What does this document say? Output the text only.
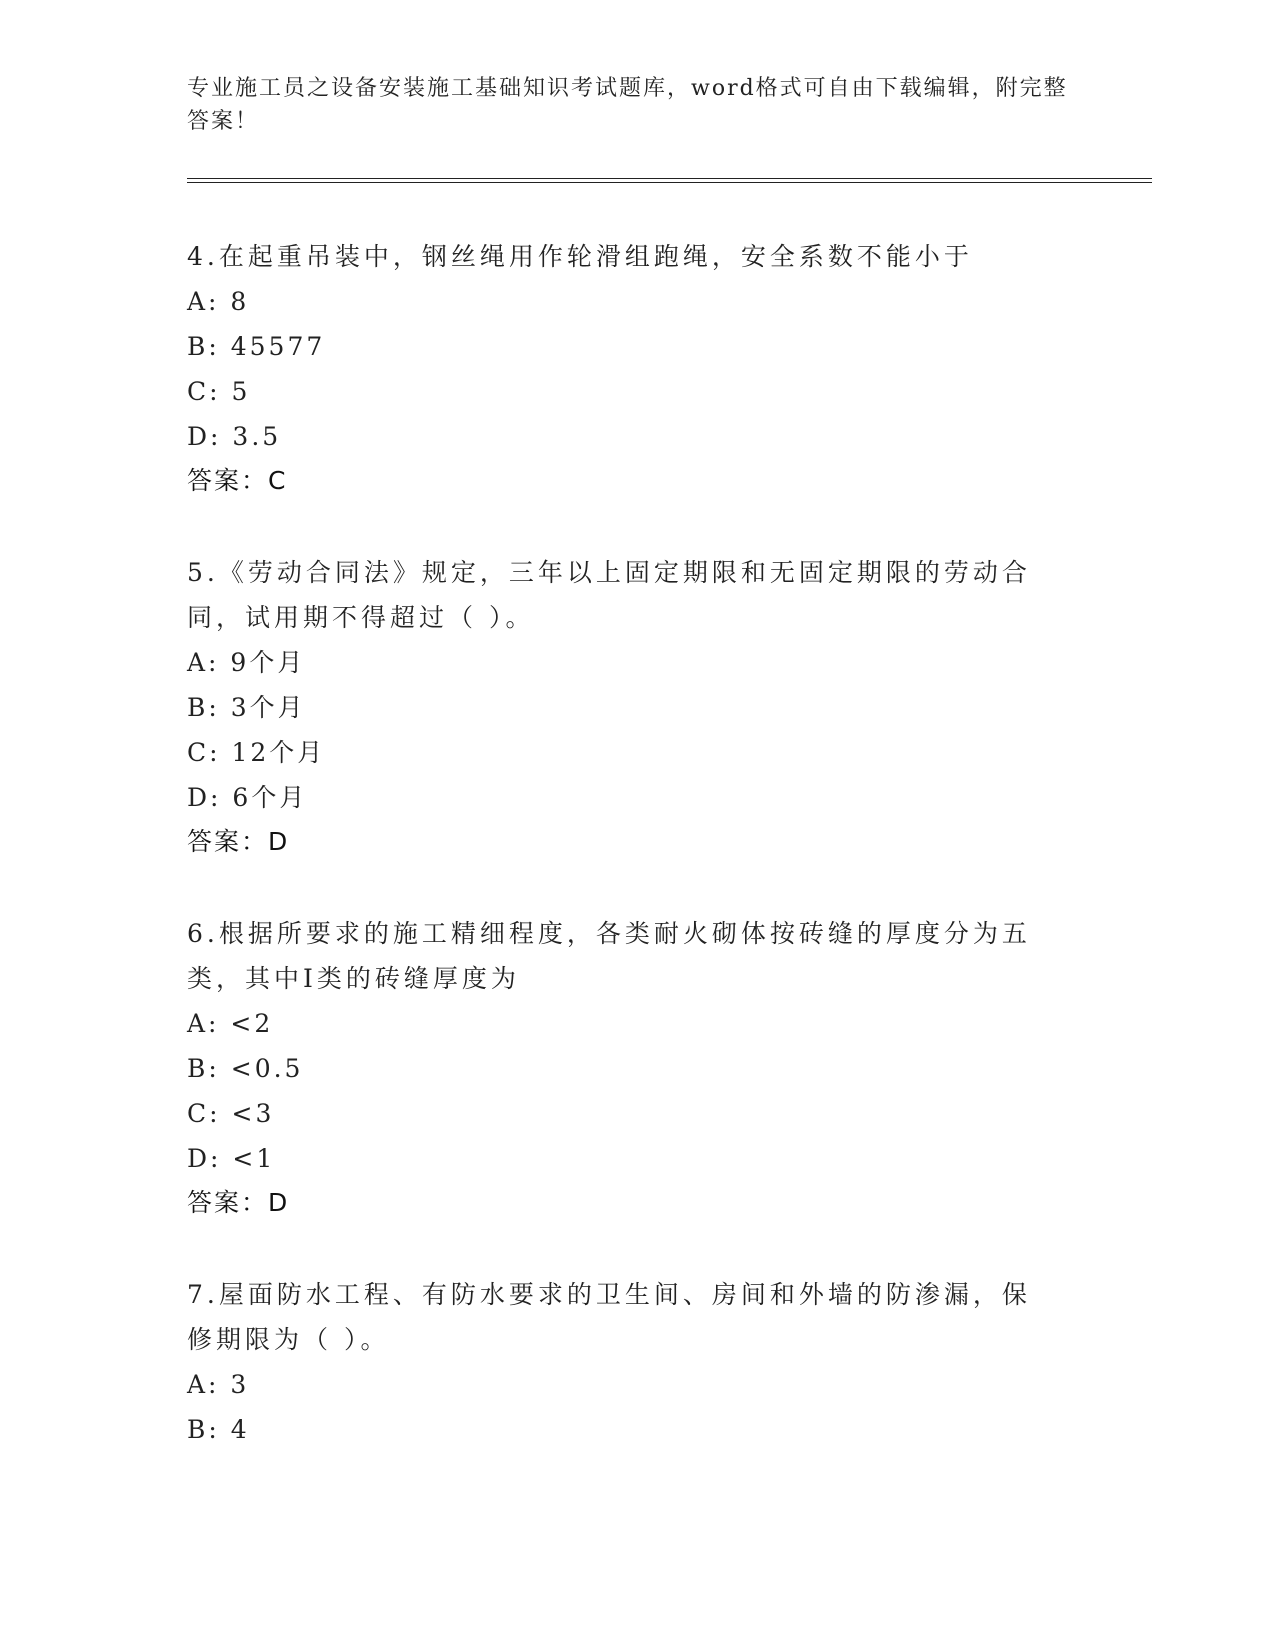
专业施工员之设备安装施工基础知识考试题库，word格式可自由下载编辑，附完整答案！
4.在起重吊装中，钢丝绳用作轮滑组跑绳，安全系数不能小于
A: 8
B: 45577
C: 5
D: 3.5
答案：C
5.《劳动合同法》规定，三年以上固定期限和无固定期限的劳动合同，试用期不得超过（ ）。
A: 9个月
B: 3个月
C: 12个月
D: 6个月
答案：D
6.根据所要求的施工精细程度，各类耐火砌体按砖缝的厚度分为五类，其中I类的砖缝厚度为
A: <2
B: <0.5
C: <3
D: <1
答案：D
7.屋面防水工程、有防水要求的卫生间、房间和外墙的防渗漏，保修期限为（ ）。
A: 3
B: 4
